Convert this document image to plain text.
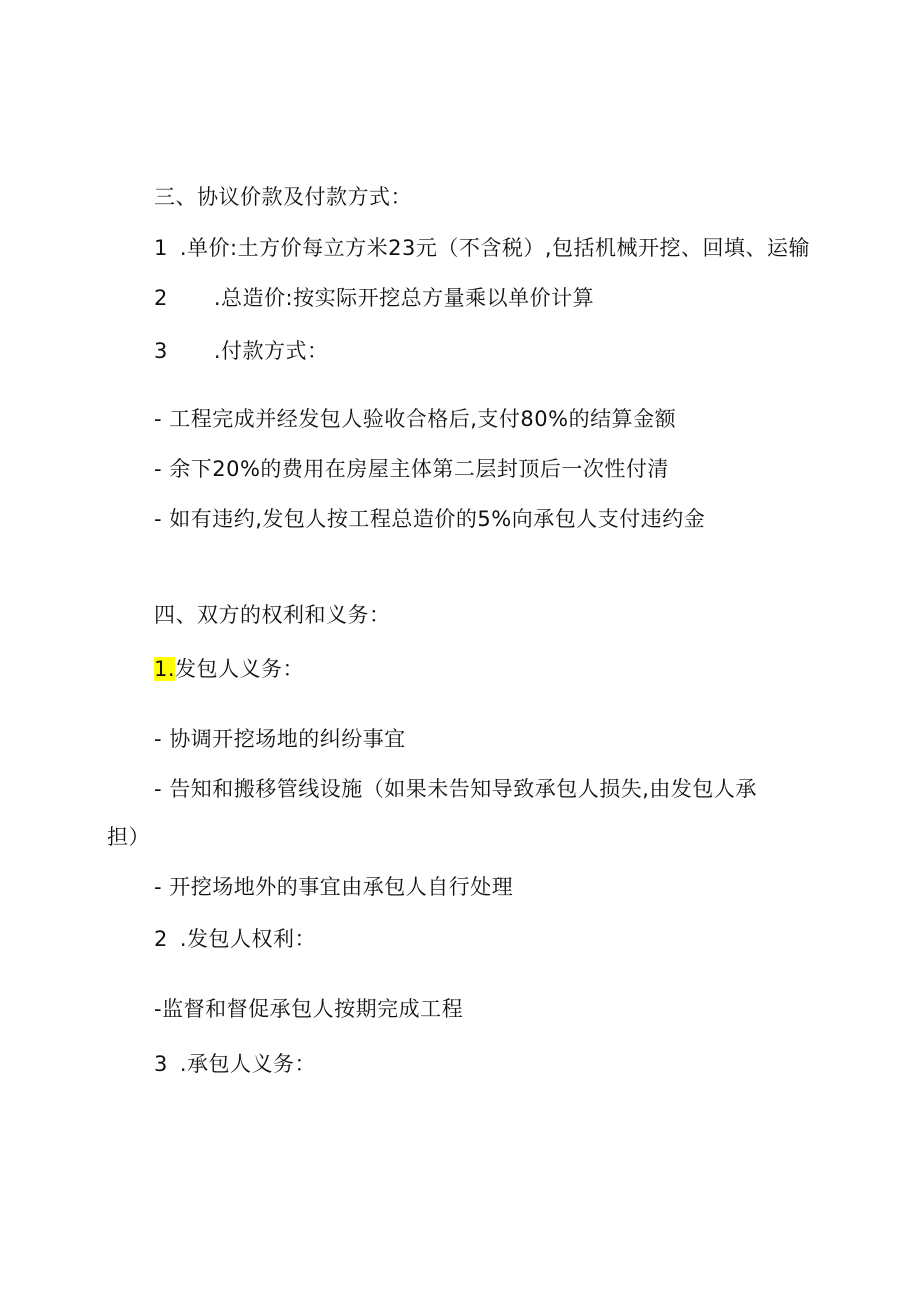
三、协议价款及付款方式：
1 .单价:土方价每立方米23元（不含税）,包括机械开挖、回填、运输
2 .总造价:按实际开挖总方量乘以单价计算
3 .付款方式：
- 工程完成并经发包人验收合格后,支付80%的结算金额
- 余下20%的费用在房屋主体第二层封顶后一次性付清
- 如有违约,发包人按工程总造价的5%向承包人支付违约金
四、双方的权利和义务：
1.发包人义务：
- 协调开挖场地的纠纷事宜
- 告知和搬移管线设施（如果未告知导致承包人损失,由发包人承
担）
- 开挖场地外的事宜由承包人自行处理
2 .发包人权利：
-监督和督促承包人按期完成工程
3 .承包人义务：
